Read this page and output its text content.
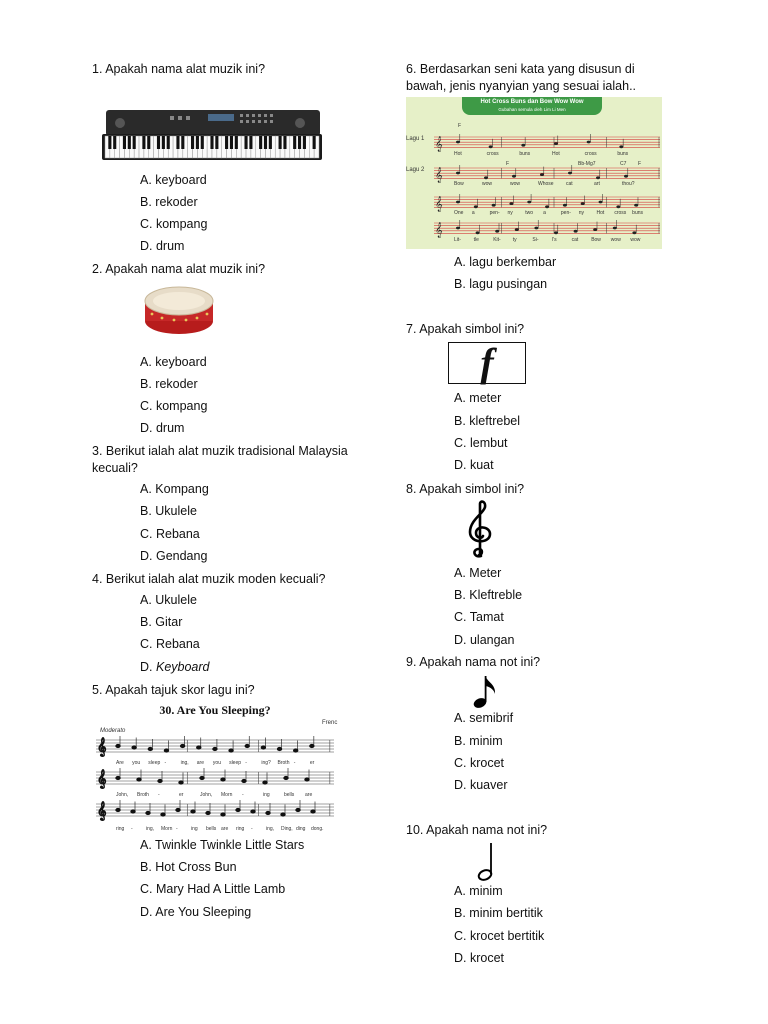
1. Apakah nama alat muzik ini?
A. keyboard
B. rekoder
C. kompang
D. drum
2. Apakah nama alat muzik ini?
A. keyboard
B. rekoder
C. kompang
D. drum
3. Berikut ialah alat muzik tradisional Malaysia kecuali?
A. Kompang
B. Ukulele
C. Rebana
D. Gendang
4. Berikut ialah alat muzik moden kecuali?
A. Ukulele
B. Gitar
C. Rebana
D. Keyboard
5. Apakah tajuk skor lagu ini?
30. Are You Sleeping?
Moderato
Frenc
𝄞
𝄞
𝄞
Are you sleep -	ing, are you sleep -	ing? Broth -	er
John, Broth -	er	John, Morn -	ing	bells are
ring -	ing, Morn -	ing bells are ring -	ing, Ding, ding dong.
A. Twinkle Twinkle Little Stars
B. Hot Cross Bun
C. Mary Had A Little Lamb
D. Are You Sleeping
6. Berdasarkan seni kata yang disusun di bawah, jenis nyanyian yang sesuai ialah..
Hot Cross Buns dan Bow Wow Wow
Gubahan semula oleh Lim Li Men
Lagu 1
Lagu 2
𝄞
𝄞
𝄞
𝄞
Hot	cross	buns	Hot	cross	buns
Bow	wow	wow	Whose cat	art	thou?
One a	pen- ny	two a	pen- ny	Hot cross buns
Lit-	tle	Kit- ty	Si-	l's	cat	Bow wow wow
F
F	Bb-Mg7	C7 F
A. lagu berkembar
B. lagu pusingan
7. Apakah simbol ini?
f
A. meter
B. kleftrebel
C. lembut
D. kuat
8. Apakah simbol ini?
A. Meter
B. Kleftreble
C. Tamat
D. ulangan
9. Apakah nama not ini?
A. semibrif
B. minim
C. krocet
D. kuaver
10. Apakah nama not ini?
A. minim
B. minim bertitik
C. krocet bertitik
D. krocet
